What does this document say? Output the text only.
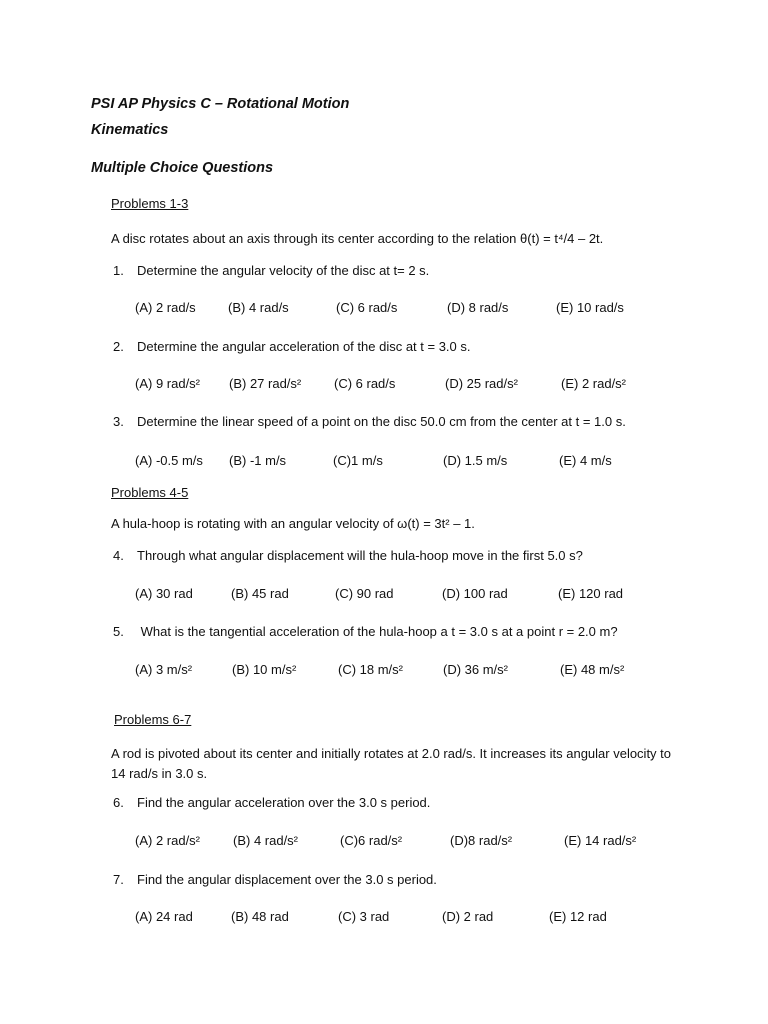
PSI AP Physics C – Rotational Motion
Kinematics
Multiple Choice Questions
Problems 1-3
A disc rotates about an axis through its center according to the relation θ(t) = t⁴/4 – 2t.
1. Determine the angular velocity of the disc at t= 2 s.
(A) 2 rad/s (B) 4 rad/s	(C) 6 rad/s	(D) 8 rad/s	(E) 10 rad/s
2. Determine the angular acceleration of the disc at t = 3.0 s.
(A) 9 rad/s² (B) 27 rad/s²	(C) 6 rad/s	(D) 25 rad/s²	(E) 2 rad/s²
3. Determine the linear speed of a point on the disc 50.0 cm from the center at t = 1.0 s.
(A) -0.5 m/s (B) -1 m/s	(C)1 m/s	(D) 1.5 m/s	(E) 4 m/s
Problems 4-5
A hula-hoop is rotating with an angular velocity of ω(t) = 3t² – 1.
4. Through what angular displacement will the hula-hoop move in the first 5.0 s?
(A) 30 rad	(B) 45 rad	(C) 90 rad	(D) 100 rad	(E) 120 rad
5. What is the tangential acceleration of the hula-hoop a t = 3.0 s at a point r = 2.0 m?
(A) 3 m/s²	(B) 10 m/s²	(C) 18 m/s²	(D) 36 m/s²	(E) 48 m/s²
Problems 6-7
A rod is pivoted about its center and initially rotates at 2.0 rad/s. It increases its angular velocity to 14 rad/s in 3.0 s.
6. Find the angular acceleration over the 3.0 s period.
(A) 2 rad/s²	(B) 4 rad/s²	(C)6 rad/s²	(D)8 rad/s²	(E) 14 rad/s²
7. Find the angular displacement over the 3.0 s period.
(A) 24 rad	(B) 48 rad	(C) 3 rad	(D) 2 rad	(E) 12 rad
